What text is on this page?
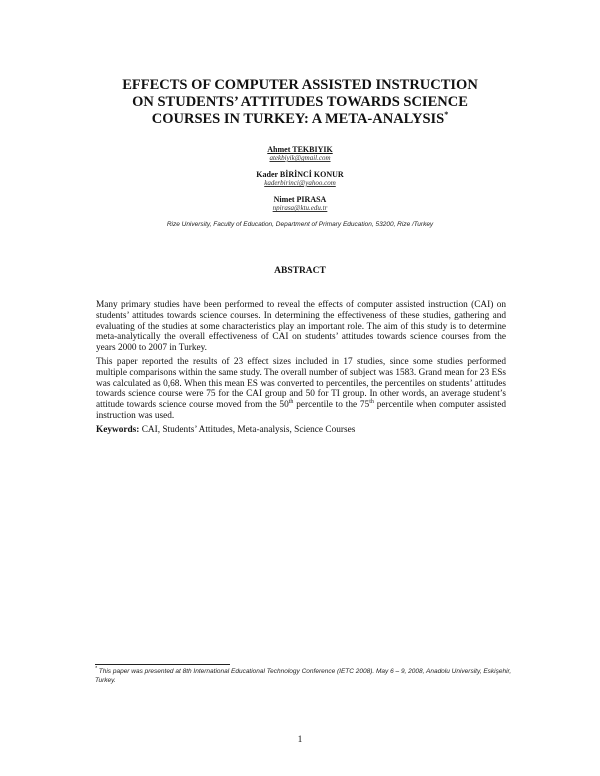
EFFECTS OF COMPUTER ASSISTED INSTRUCTION
ON STUDENTS’ ATTITUDES TOWARDS SCIENCE
COURSES IN TURKEY: A META-ANALYSIS*
Ahmet TEKBIYIK
atekbiyik@gmail.com
Kader BİRİNCİ KONUR
kaderbirinci@yahoo.com
Nimet PIRASA
npirasa@ktu.edu.tr
Rize University, Faculty of Education, Department of Primary Education, 53200, Rize /Turkey
ABSTRACT

Many primary studies have been performed to reveal the effects of computer assisted instruction (CAI) on students’ attitudes towards science courses. In determining the effectiveness of these studies, gathering and evaluating of the studies at some characteristics play an important role. The aim of this study is to determine meta-analytically the overall effectiveness of CAI on students’ attitudes towards science courses from the years 2000 to 2007 in Turkey.

This paper reported the results of 23 effect sizes included in 17 studies, since some studies performed multiple comparisons within the same study. The overall number of subject was 1583. Grand mean for 23 ESs was calculated as 0,68. When this mean ES was converted to percentiles, the percentiles on students’ attitudes towards science course were 75 for the CAI group and 50 for TI group. In other words, an average student’s attitude towards science course moved from the 50th percentile to the 75th percentile when computer assisted instruction was used.

Keywords: CAI, Students’ Attitudes, Meta-analysis, Science Courses

* This paper was presented at 8th International Educational Technology Conference (IETC 2008). May 6 – 9, 2008, Anadolu University, Eskişehir, Turkey.
1
